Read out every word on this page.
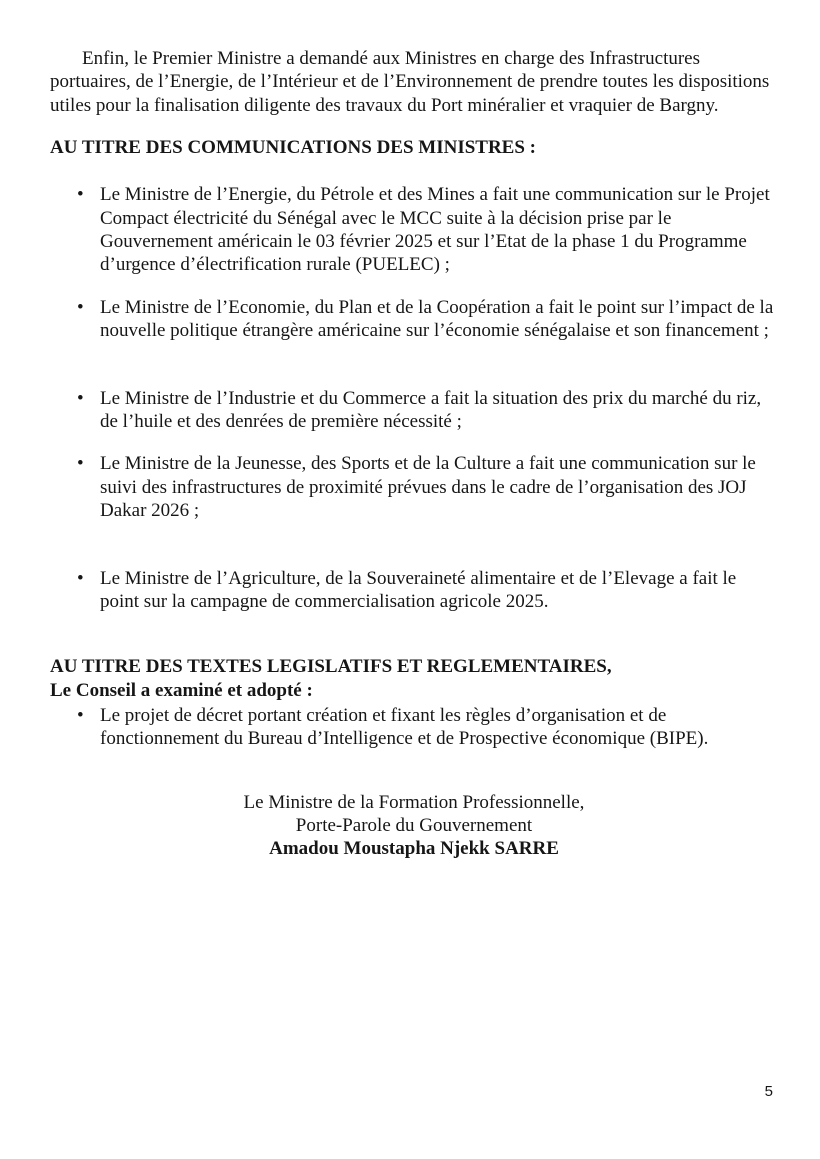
Enfin, le Premier Ministre a demandé aux Ministres en charge des Infrastructures portuaires, de l’Energie, de l’Intérieur et de l’Environnement de prendre toutes les dispositions utiles pour la finalisation diligente des travaux du Port minéralier et vraquier de Bargny.

AU TITRE DES COMMUNICATIONS DES MINISTRES :
• Le Ministre de l’Energie, du Pétrole et des Mines a fait une communication sur le Projet Compact électricité du Sénégal avec le MCC suite à la décision prise par le Gouvernement américain le 03 février 2025 et sur l’Etat de la phase 1 du Programme d’urgence d’électrification rurale (PUELEC) ;
• Le Ministre de l’Economie, du Plan et de la Coopération a fait le point sur l’impact de la nouvelle politique étrangère américaine sur l’économie sénégalaise et son financement ;
• Le Ministre de l’Industrie et du Commerce a fait la situation des prix du marché du riz, de l’huile et des denrées de première nécessité ;
• Le Ministre de la Jeunesse, des Sports et de la Culture a fait une communication sur le suivi des infrastructures de proximité prévues dans le cadre de l’organisation des JOJ Dakar 2026 ;
• Le Ministre de l’Agriculture, de la Souveraineté alimentaire et de l’Elevage a fait le point sur la campagne de commercialisation agricole 2025.
AU TITRE DES TEXTES LEGISLATIFS ET REGLEMENTAIRES,
Le Conseil a examiné et adopté :
• Le projet de décret portant création et fixant les règles d’organisation et de fonctionnement du Bureau d’Intelligence et de Prospective économique (BIPE).
Le Ministre de la Formation Professionnelle,
Porte-Parole du Gouvernement
Amadou Moustapha Njekk SARRE
5
